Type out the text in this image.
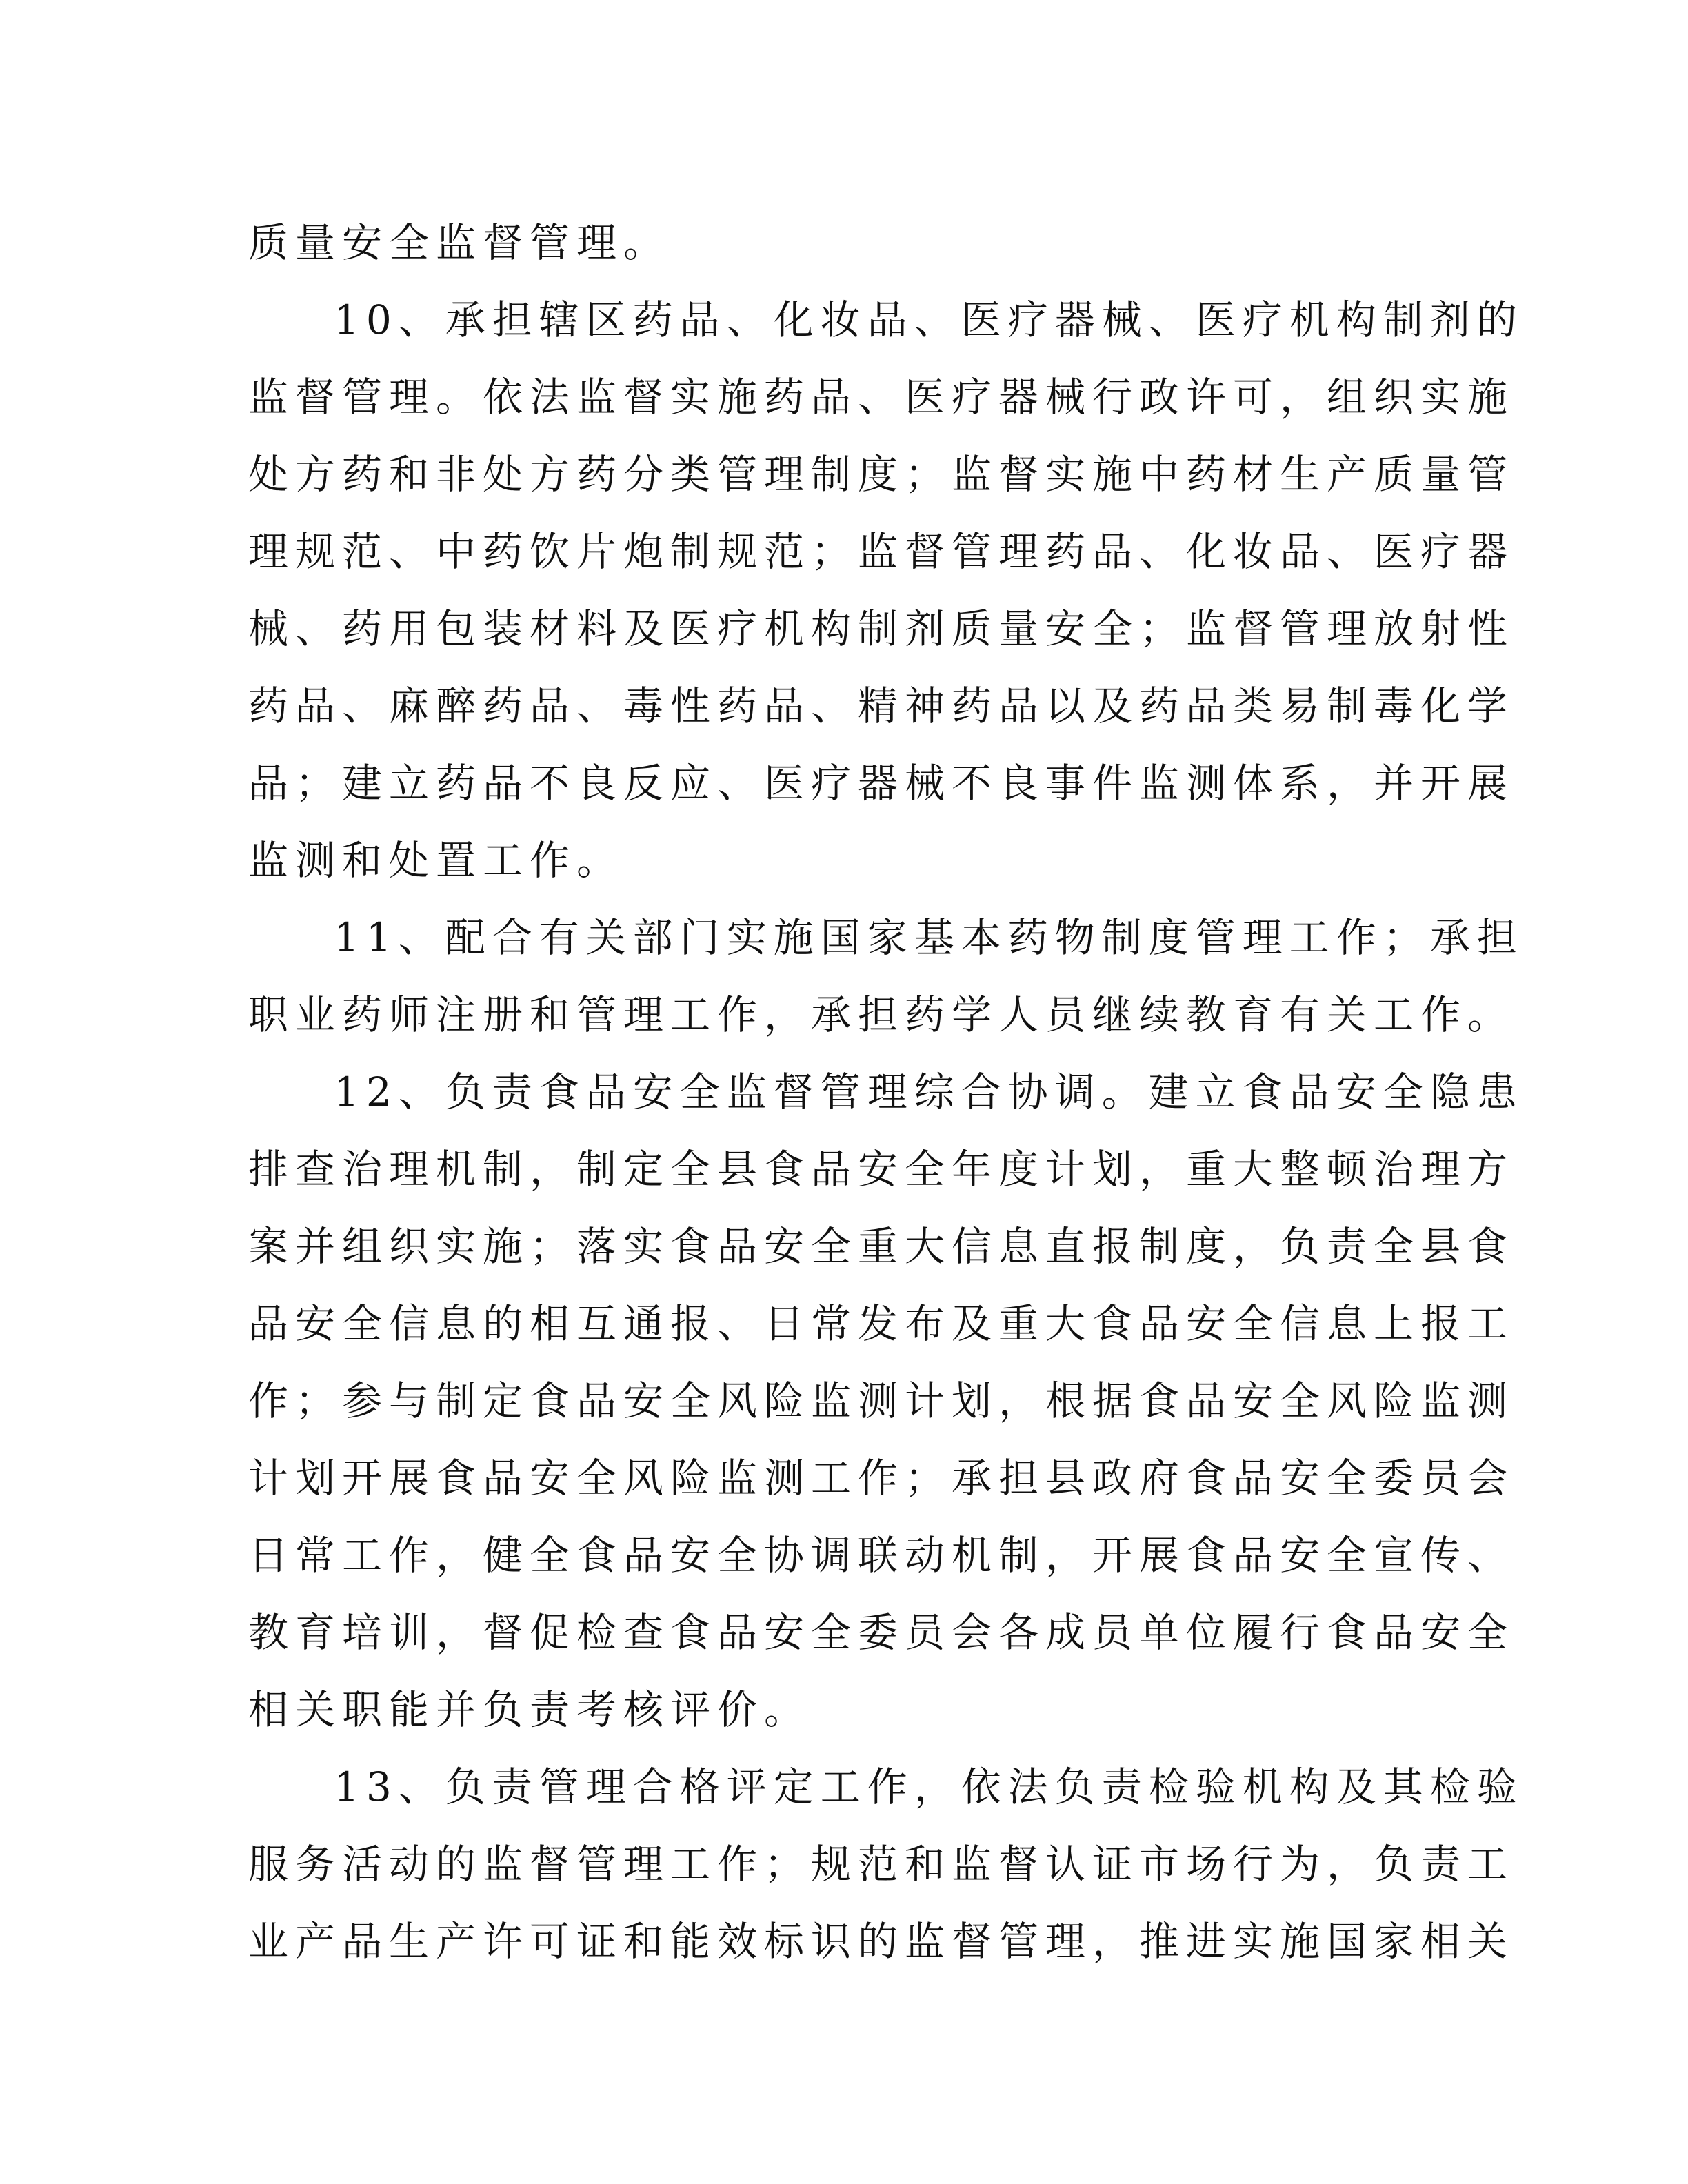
质量安全监督管理。
10、承担辖区药品、化妆品、医疗器械、医疗机构制剂的
监督管理。依法监督实施药品、医疗器械行政许可，组织实施
处方药和非处方药分类管理制度；监督实施中药材生产质量管
理规范、中药饮片炮制规范；监督管理药品、化妆品、医疗器
械、药用包装材料及医疗机构制剂质量安全；监督管理放射性
药品、麻醉药品、毒性药品、精神药品以及药品类易制毒化学
品；建立药品不良反应、医疗器械不良事件监测体系，并开展
监测和处置工作。
11、配合有关部门实施国家基本药物制度管理工作；承担
职业药师注册和管理工作，承担药学人员继续教育有关工作。
12、负责食品安全监督管理综合协调。建立食品安全隐患
排查治理机制，制定全县食品安全年度计划，重大整顿治理方
案并组织实施；落实食品安全重大信息直报制度，负责全县食
品安全信息的相互通报、日常发布及重大食品安全信息上报工
作；参与制定食品安全风险监测计划，根据食品安全风险监测
计划开展食品安全风险监测工作；承担县政府食品安全委员会
日常工作，健全食品安全协调联动机制，开展食品安全宣传、
教育培训，督促检查食品安全委员会各成员单位履行食品安全
相关职能并负责考核评价。
13、负责管理合格评定工作，依法负责检验机构及其检验
服务活动的监督管理工作；规范和监督认证市场行为，负责工
业产品生产许可证和能效标识的监督管理，推进实施国家相关
